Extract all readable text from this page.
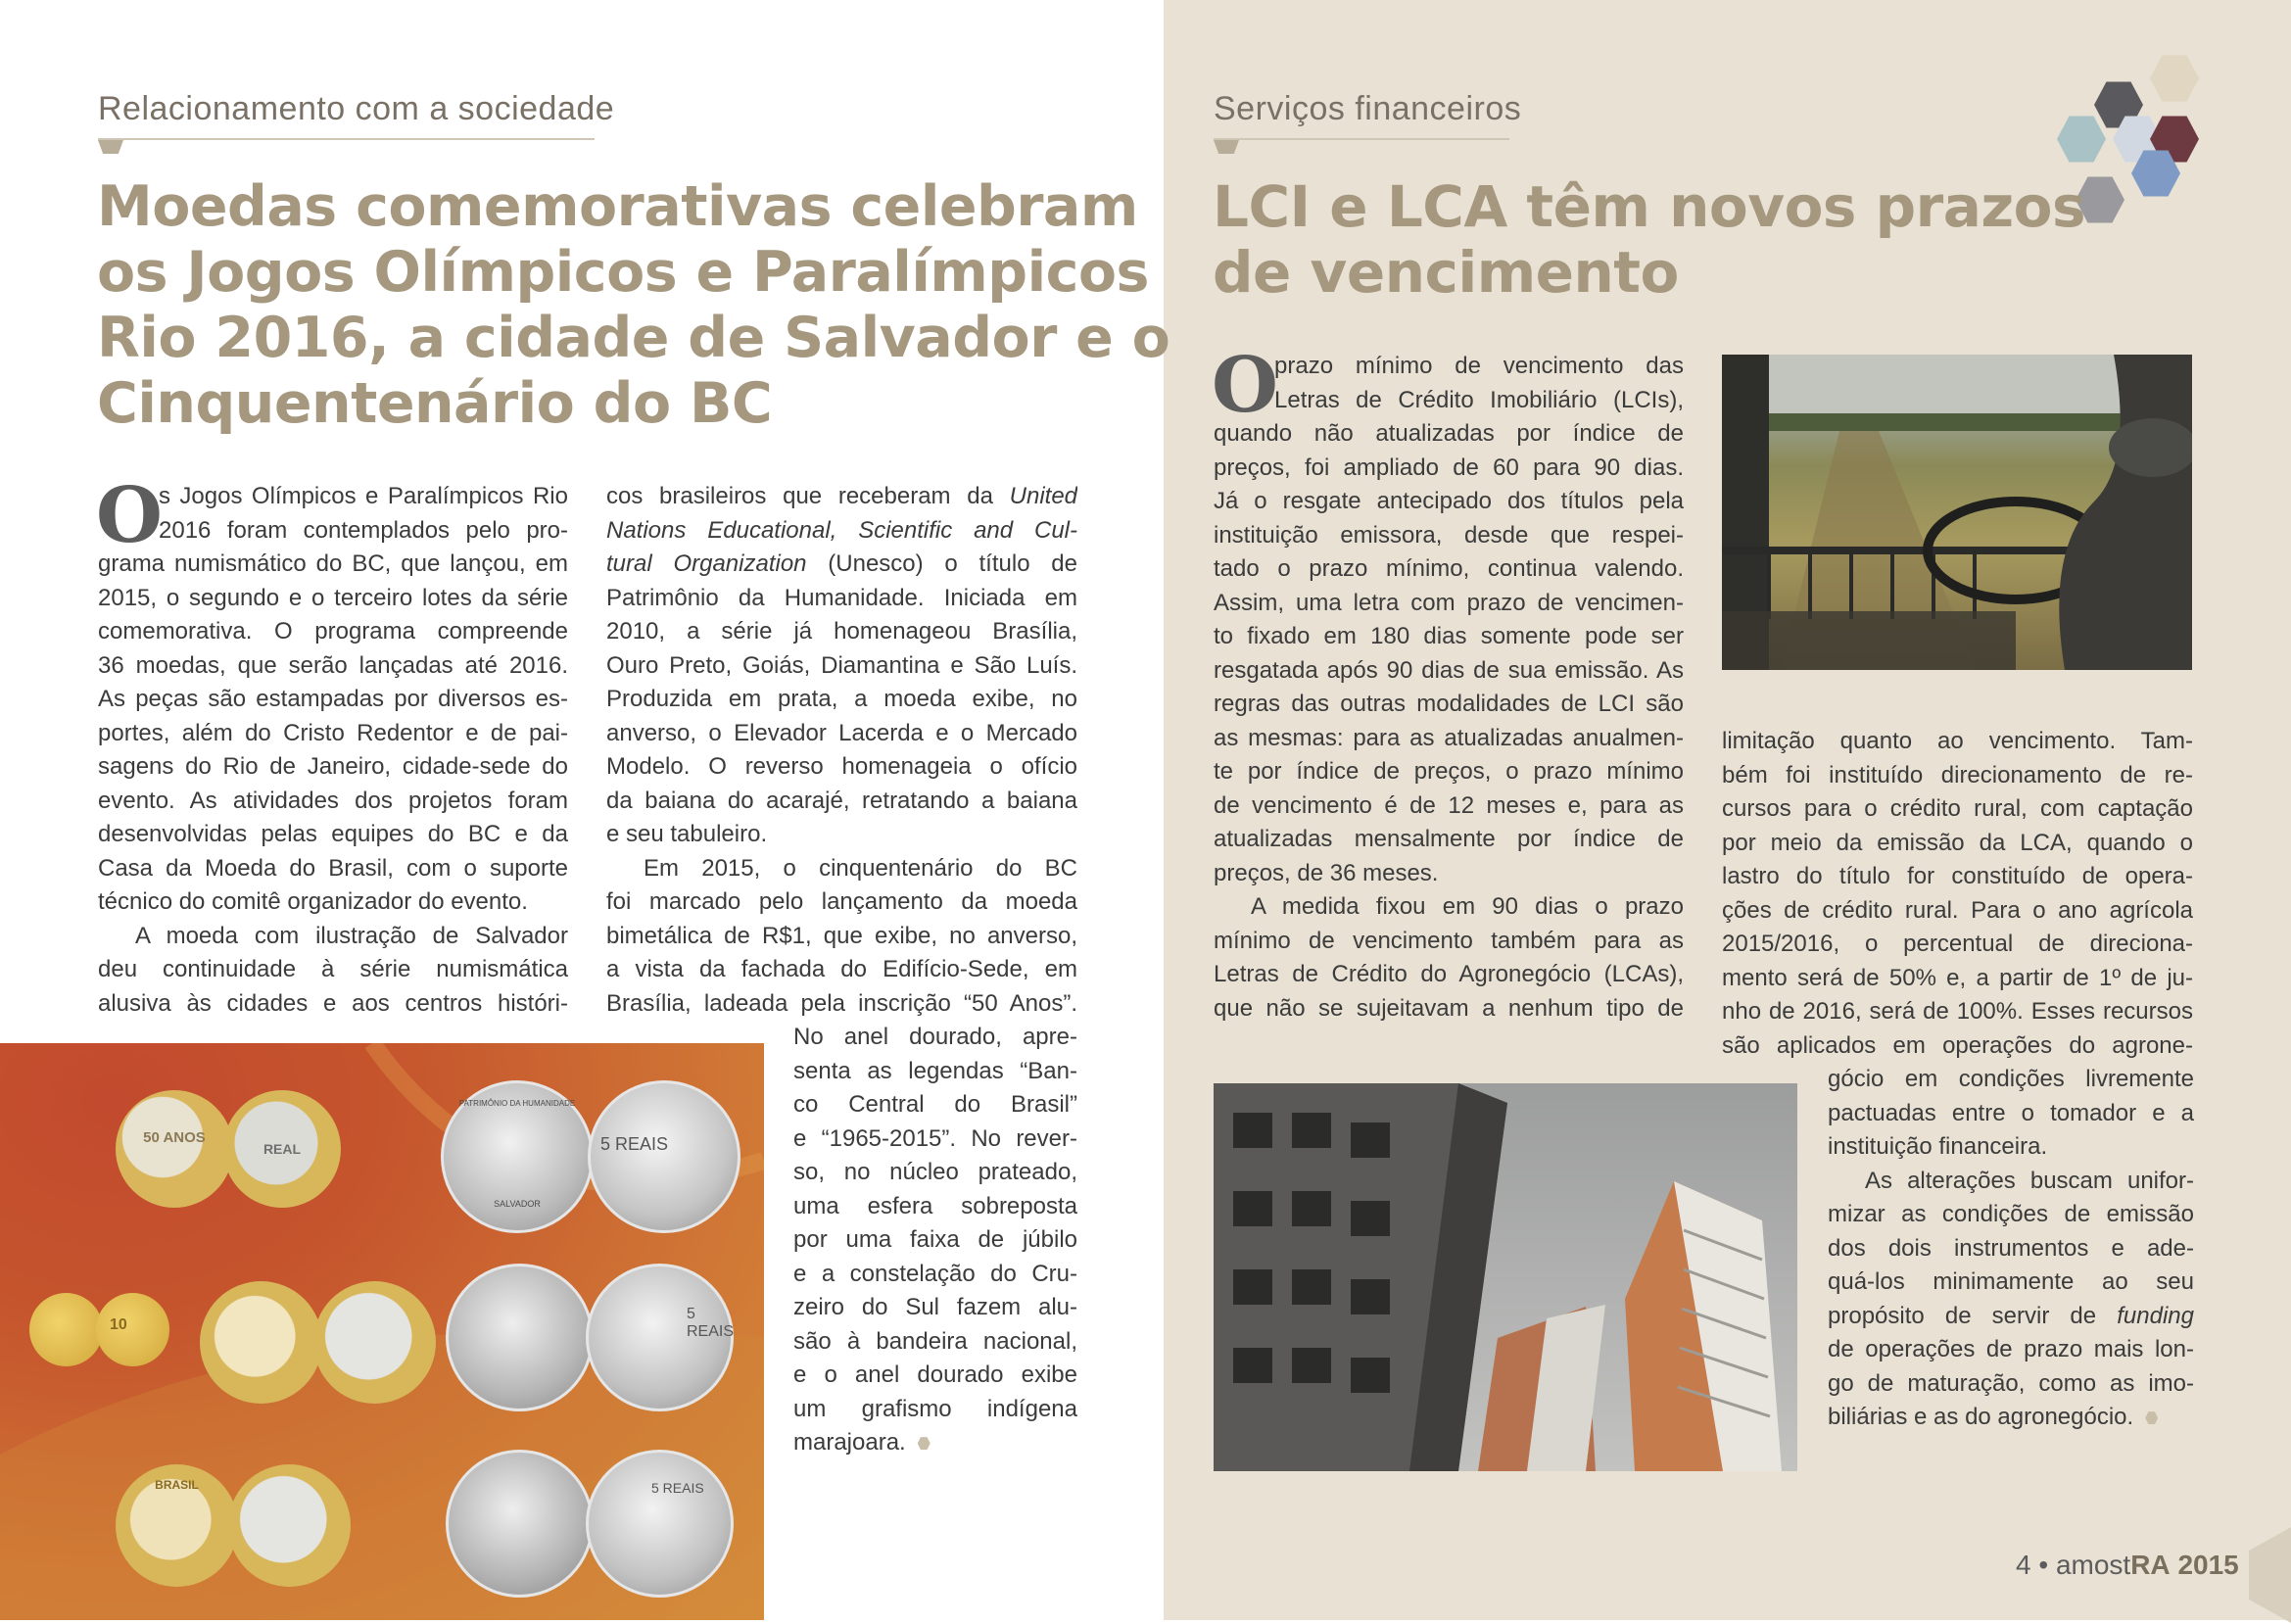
Relacionamento com a sociedade
Moedas comemorativas celebram
os Jogos Olímpicos e Paralímpicos
Rio 2016, a cidade de Salvador e o
Cinquentenário do BC
O
s Jogos Olímpicos e Paralímpicos Rio
2016 foram contemplados pelo pro-
grama numismático do BC, que lançou, em
2015, o segundo e o terceiro lotes da série
comemorativa. O programa compreende
36 moedas, que serão lançadas até 2016.
As peças são estampadas por diversos es-
portes, além do Cristo Redentor e de pai-
sagens do Rio de Janeiro, cidade-sede do
evento. As atividades dos projetos foram
desenvolvidas pelas equipes do BC e da
Casa da Moeda do Brasil, com o suporte
técnico do comitê organizador do evento.
A moeda com ilustração de Salvador
deu continuidade à série numismática
alusiva às cidades e aos centros históri-
cos brasileiros que receberam da United
Nations Educational, Scientific and Cul-
tural Organization (Unesco) o título de
Patrimônio da Humanidade. Iniciada em
2010, a série já homenageou Brasília,
Ouro Preto, Goiás, Diamantina e São Luís.
Produzida em prata, a moeda exibe, no
anverso, o Elevador Lacerda e o Mercado
Modelo. O reverso homenageia o ofício
da baiana do acarajé, retratando a baiana
e seu tabuleiro.
Em 2015, o cinquentenário do BC
foi marcado pelo lançamento da moeda
bimetálica de R$1, que exibe, no anverso,
a vista da fachada do Edifício-Sede, em
Brasília, ladeada pela inscrição “50 Anos”.
No anel dourado, apre-
senta as legendas “Ban-
co Central do Brasil”
e “1965-2015”. No rever-
so, no núcleo prateado,
uma esfera sobreposta
por uma faixa de júbilo
e a constelação do Cru-
zeiro do Sul fazem alu-
são à bandeira nacional,
e o anel dourado exibe
um grafismo indígena
marajoara.
50 ANOS
REAL
PATRIMÔNIO DA HUMANIDADE
SALVADOR
5 REAIS
10
5 REAIS
BRASIL	5 REAIS
Serviços financeiros
LCI e LCA têm novos prazos
de vencimento
O
prazo mínimo de vencimento das
Letras de Crédito Imobiliário (LCIs),
quando não atualizadas por índice de
preços, foi ampliado de 60 para 90 dias.
Já o resgate antecipado dos títulos pela
instituição emissora, desde que respei-
tado o prazo mínimo, continua valendo.
Assim, uma letra com prazo de vencimen-
to fixado em 180 dias somente pode ser
resgatada após 90 dias de sua emissão. As
regras das outras modalidades de LCI são
as mesmas: para as atualizadas anualmen-
te por índice de preços, o prazo mínimo
de vencimento é de 12 meses e, para as
atualizadas mensalmente por índice de
preços, de 36 meses.
A medida fixou em 90 dias o prazo
mínimo de vencimento também para as
Letras de Crédito do Agronegócio (LCAs),
que não se sujeitavam a nenhum tipo de
limitação quanto ao vencimento. Tam-
bém foi instituído direcionamento de re-
cursos para o crédito rural, com captação
por meio da emissão da LCA, quando o
lastro do título for constituído de opera-
ções de crédito rural. Para o ano agrícola
2015/2016, o percentual de direciona-
mento será de 50% e, a partir de 1º de ju-
nho de 2016, será de 100%. Esses recursos
são aplicados em operações do agrone-
gócio em condições livremente
pactuadas entre o tomador e a
instituição financeira.
As alterações buscam unifor-
mizar as condições de emissão
dos dois instrumentos e ade-
quá-los minimamente ao seu
propósito de servir de funding
de operações de prazo mais lon-
go de maturação, como as imo-
biliárias e as do agronegócio.
4 • amostRA 2015
